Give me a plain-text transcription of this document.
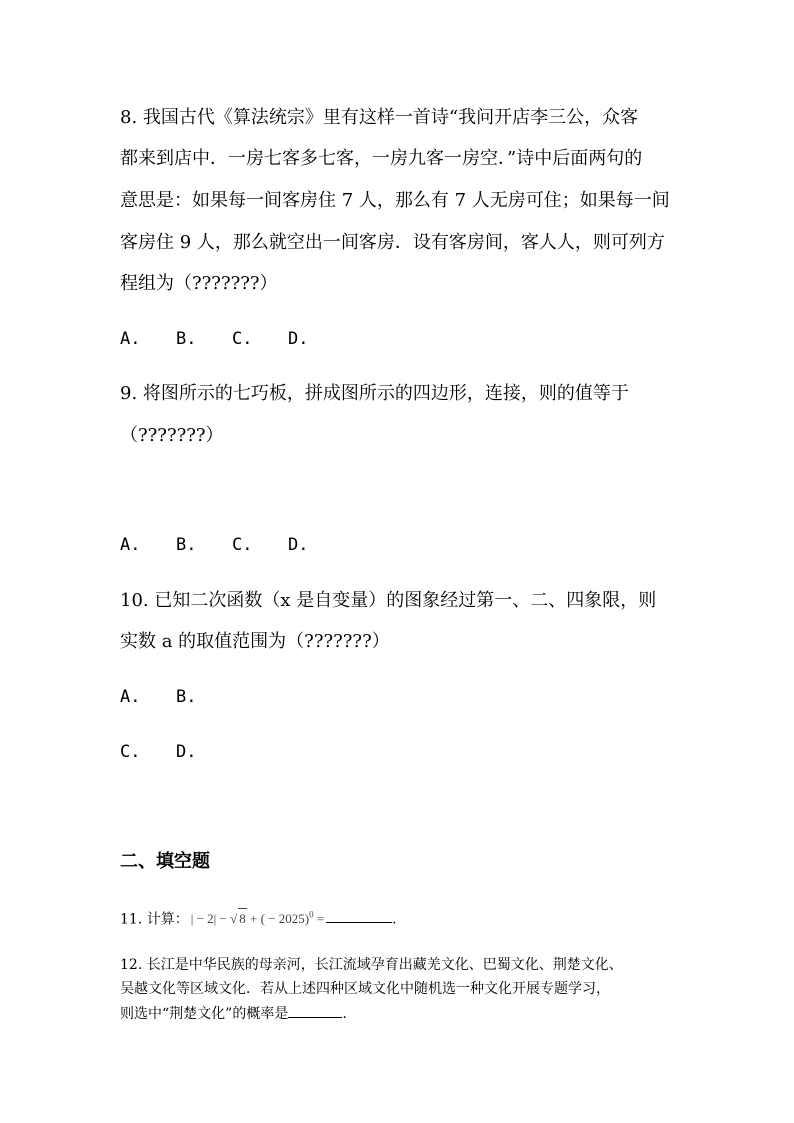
8. 我国古代《算法统宗》里有这样一首诗“我问开店李三公，众客
都来到店中．一房七客多七客，一房九客一房空．”诗中后面两句的
意思是：如果每一间客房住 7 人，那么有 7 人无房可住；如果每一间
客房住 9 人，那么就空出一间客房．设有客房间，客人人，则可列方
程组为（???????）
A. B. C. D.
9. 将图所示的七巧板，拼成图所示的四边形，连接，则的值等于
（???????）
A. B. C. D.
10. 已知二次函数（x 是自变量）的图象经过第一、二、四象限，则
实数 a 的取值范围为（???????）
A. B.
C. D.
二、填空题
11. 计算： | − 2| − √ 8 + ( − 2025)$^0$ =	.
12. 长江是中华民族的母亲河，长江流域孕育出藏羌文化、巴蜀文化、荆楚文化、
吴越文化等区域文化．若从上述四种区域文化中随机选一种文化开展专题学习，
则选中“荆楚文化”的概率是	.
